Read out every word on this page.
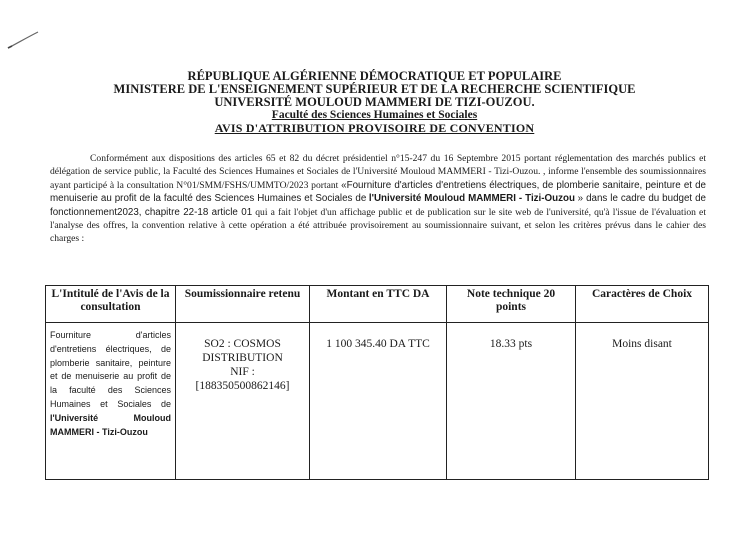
RÉPUBLIQUE ALGÉRIENNE DÉMOCRATIQUE ET POPULAIRE
MINISTERE DE L'ENSEIGNEMENT SUPÉRIEUR ET DE LA RECHERCHE SCIENTIFIQUE
UNIVERSITÉ MOULOUD MAMMERI DE TIZI-OUZOU.
Faculté des Sciences Humaines et Sociales
AVIS D'ATTRIBUTION PROVISOIRE DE CONVENTION
Conformément aux dispositions des articles 65 et 82 du décret présidentiel n°15-247 du 16 Septembre 2015 portant réglementation des marchés publics et délégation de service public, la Faculté des Sciences Humaines et Sociales de l'Université Mouloud MAMMERI - Tizi-Ouzou. , informe l'ensemble des soumissionnaires ayant participé à la consultation N°01/SMM/FSHS/UMMTO/2023 portant «Fourniture d'articles d'entretiens électriques, de plomberie sanitaire, peinture et de menuiserie au profit de la faculté des Sciences Humaines et Sociales de l'Université Mouloud MAMMERI - Tizi-Ouzou » dans le cadre du budget de fonctionnement2023, chapitre 22-18 article 01 qui a fait l'objet d'un affichage public et de publication sur le site web de l'université, qu'à l'issue de l'évaluation et l'analyse des offres, la convention relative à cette opération a été attribuée provisoirement au soumissionnaire suivant, et selon les critères prévus dans le cahier des charges :
L'Intitulé de l'Avis de la consultation	Soumissionnaire retenu	Montant en TTC DA	Note technique 20 points	Caractères de Choix
Fourniture d'articles d'entretiens électriques, de plomberie sanitaire, peinture et de menuiserie au profit de la faculté des Sciences Humaines et Sociales de l'Université Mouloud MAMMERI - Tizi-Ouzou	SO2 : COSMOS DISTRIBUTION
NIF :
[188350500862146]	1 100 345.40 DA TTC	18.33 pts	Moins disant
